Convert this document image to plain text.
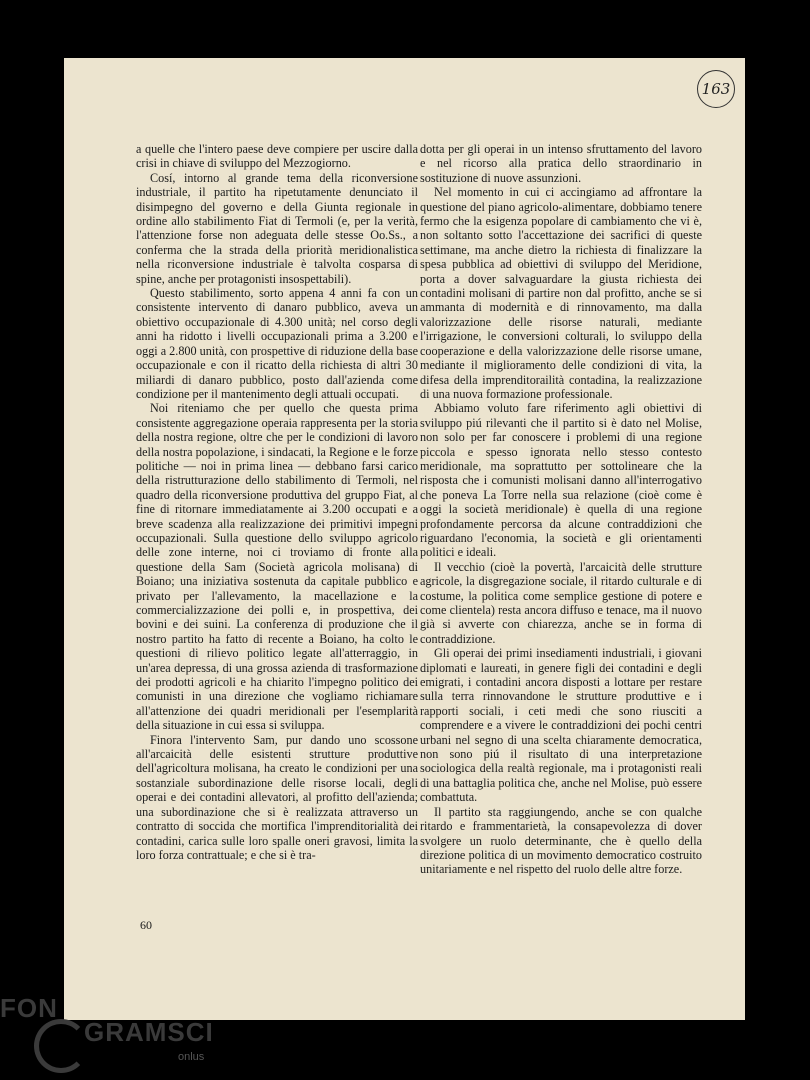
163

a quelle che l'intero paese deve compiere per uscire dalla crisi in chiave di sviluppo del Mezzogiorno.

Cosí, intorno al grande tema della riconversione industriale, il partito ha ripetutamente denunciato il disimpegno del governo e della Giunta regionale in ordine allo stabilimento Fiat di Termoli (e, per la verità, l'attenzione forse non adeguata delle stesse Oo.Ss., a conferma che la strada della priorità meridionalistica nella riconversione industriale è talvolta cosparsa di spine, anche per protagonisti insospettabili).

Questo stabilimento, sorto appena 4 anni fa con un consistente intervento di danaro pubblico, aveva un obiettivo occupazionale di 4.300 unità; nel corso degli anni ha ridotto i livelli occupazionali prima a 3.200 e oggi a 2.800 unità, con prospettive di riduzione della base occupazionale e con il ricatto della richiesta di altri 30 miliardi di danaro pubblico, posto dall'azienda come condizione per il mantenimento degli attuali occupati.

Noi riteniamo che per quello che questa prima consistente aggregazione operaia rappresenta per la storia della nostra regione, oltre che per le condizioni di lavoro della nostra popolazione, i sindacati, la Regione e le forze politiche — noi in prima linea — debbano farsi carico della ristrutturazione dello stabilimento di Termoli, nel quadro della riconversione produttiva del gruppo Fiat, al fine di ritornare immediatamente ai 3.200 occupati e a breve scadenza alla realizzazione dei primitivi impegni occupazionali. Sulla questione dello sviluppo agricolo delle zone interne, noi ci troviamo di fronte alla questione della Sam (Società agricola molisana) di Boiano; una iniziativa sostenuta da capitale pubblico e privato per l'allevamento, la macellazione e la commercializzazione dei polli e, in prospettiva, dei bovini e dei suini. La conferenza di produzione che il nostro partito ha fatto di recente a Boiano, ha colto le questioni di rilievo politico legate all'atterraggio, in un'area depressa, di una grossa azienda di trasformazione dei prodotti agricoli e ha chiarito l'impegno politico dei comunisti in una direzione che vogliamo richiamare all'attenzione dei quadri meridionali per l'esemplarità della situazione in cui essa si sviluppa.

Finora l'intervento Sam, pur dando uno scossone all'arcaicità delle esistenti strutture produttive dell'agricoltura molisana, ha creato le condizioni per una sostanziale subordinazione delle risorse locali, degli operai e dei contadini allevatori, al profitto dell'azienda; una subordinazione che si è realizzata attraverso un contratto di soccida che mortifica l'imprenditorialità dei contadini, carica sulle loro spalle oneri gravosi, limita la loro forza contrattuale; e che si è tra-

dotta per gli operai in un intenso sfruttamento del lavoro e nel ricorso alla pratica dello straordinario in sostituzione di nuove assunzioni.

Nel momento in cui ci accingiamo ad affrontare la questione del piano agricolo-alimentare, dobbiamo tenere fermo che la esigenza popolare di cambiamento che vi è, non soltanto sotto l'accettazione dei sacrifici di queste settimane, ma anche dietro la richiesta di finalizzare la spesa pubblica ad obiettivi di sviluppo del Meridione, porta a dover salvaguardare la giusta richiesta dei contadini molisani di partire non dal profitto, anche se si ammanta di modernità e di rinnovamento, ma dalla valorizzazione delle risorse naturali, mediante l'irrigazione, le conversioni colturali, lo sviluppo della cooperazione e della valorizzazione delle risorse umane, mediante il miglioramento delle condizioni di vita, la difesa della imprenditorailità contadina, la realizzazione di una nuova formazione professionale.

Abbiamo voluto fare riferimento agli obiettivi di sviluppo piú rilevanti che il partito si è dato nel Molise, non solo per far conoscere i problemi di una regione piccola e spesso ignorata nello stesso contesto meridionale, ma soprattutto per sottolineare che la risposta che i comunisti molisani danno all'interrogativo che poneva La Torre nella sua relazione (cioè come è oggi la società meridionale) è quella di una regione profondamente percorsa da alcune contraddizioni che riguardano l'economia, la società e gli orientamenti politici e ideali.

Il vecchio (cioè la povertà, l'arcaicità delle strutture agricole, la disgregazione sociale, il ritardo culturale e di costume, la politica come semplice gestione di potere e come clientela) resta ancora diffuso e tenace, ma il nuovo già si avverte con chiarezza, anche se in forma di contraddizione.

Gli operai dei primi insediamenti industriali, i giovani diplomati e laureati, in genere figli dei contadini e degli emigrati, i contadini ancora disposti a lottare per restare sulla terra rinnovandone le strutture produttive e i rapporti sociali, i ceti medi che sono riusciti a comprendere e a vivere le contraddizioni dei pochi centri urbani nel segno di una scelta chiaramente democratica, non sono piú il risultato di una interpretazione sociologica della realtà regionale, ma i protagonisti reali di una battaglia politica che, anche nel Molise, può essere combattuta.

Il partito sta raggiungendo, anche se con qualche ritardo e frammentarietà, la consapevolezza di dover svolgere un ruolo determinante, che è quello della direzione politica di un movimento democratico costruito unitariamente e nel rispetto del ruolo delle altre forze.

60
FON
GRAMSCI
onlus
